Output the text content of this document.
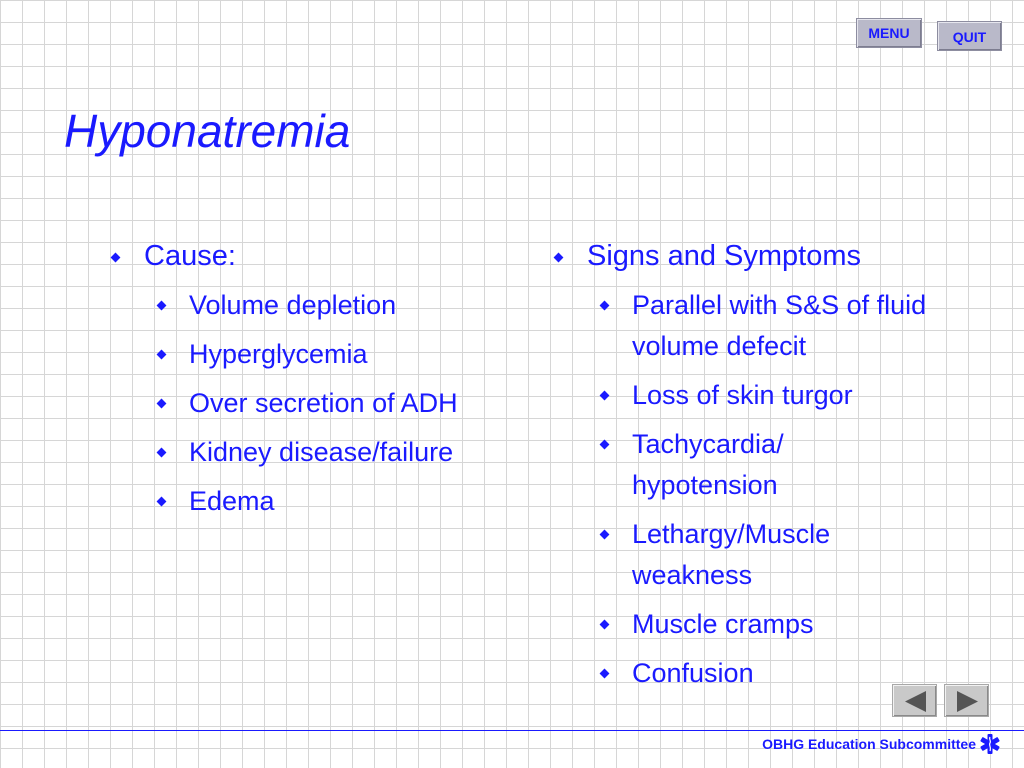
MENU	QUIT
Hyponatremia
Cause:
Volume depletion
Hyperglycemia
Over secretion of ADH
Kidney disease/failure
Edema
Signs and Symptoms
Parallel with S&S of fluid volume defecit
Loss of skin turgor
Tachycardia/ hypotension
Lethargy/Muscle weakness
Muscle cramps
Confusion
OBHG Education Subcommittee
